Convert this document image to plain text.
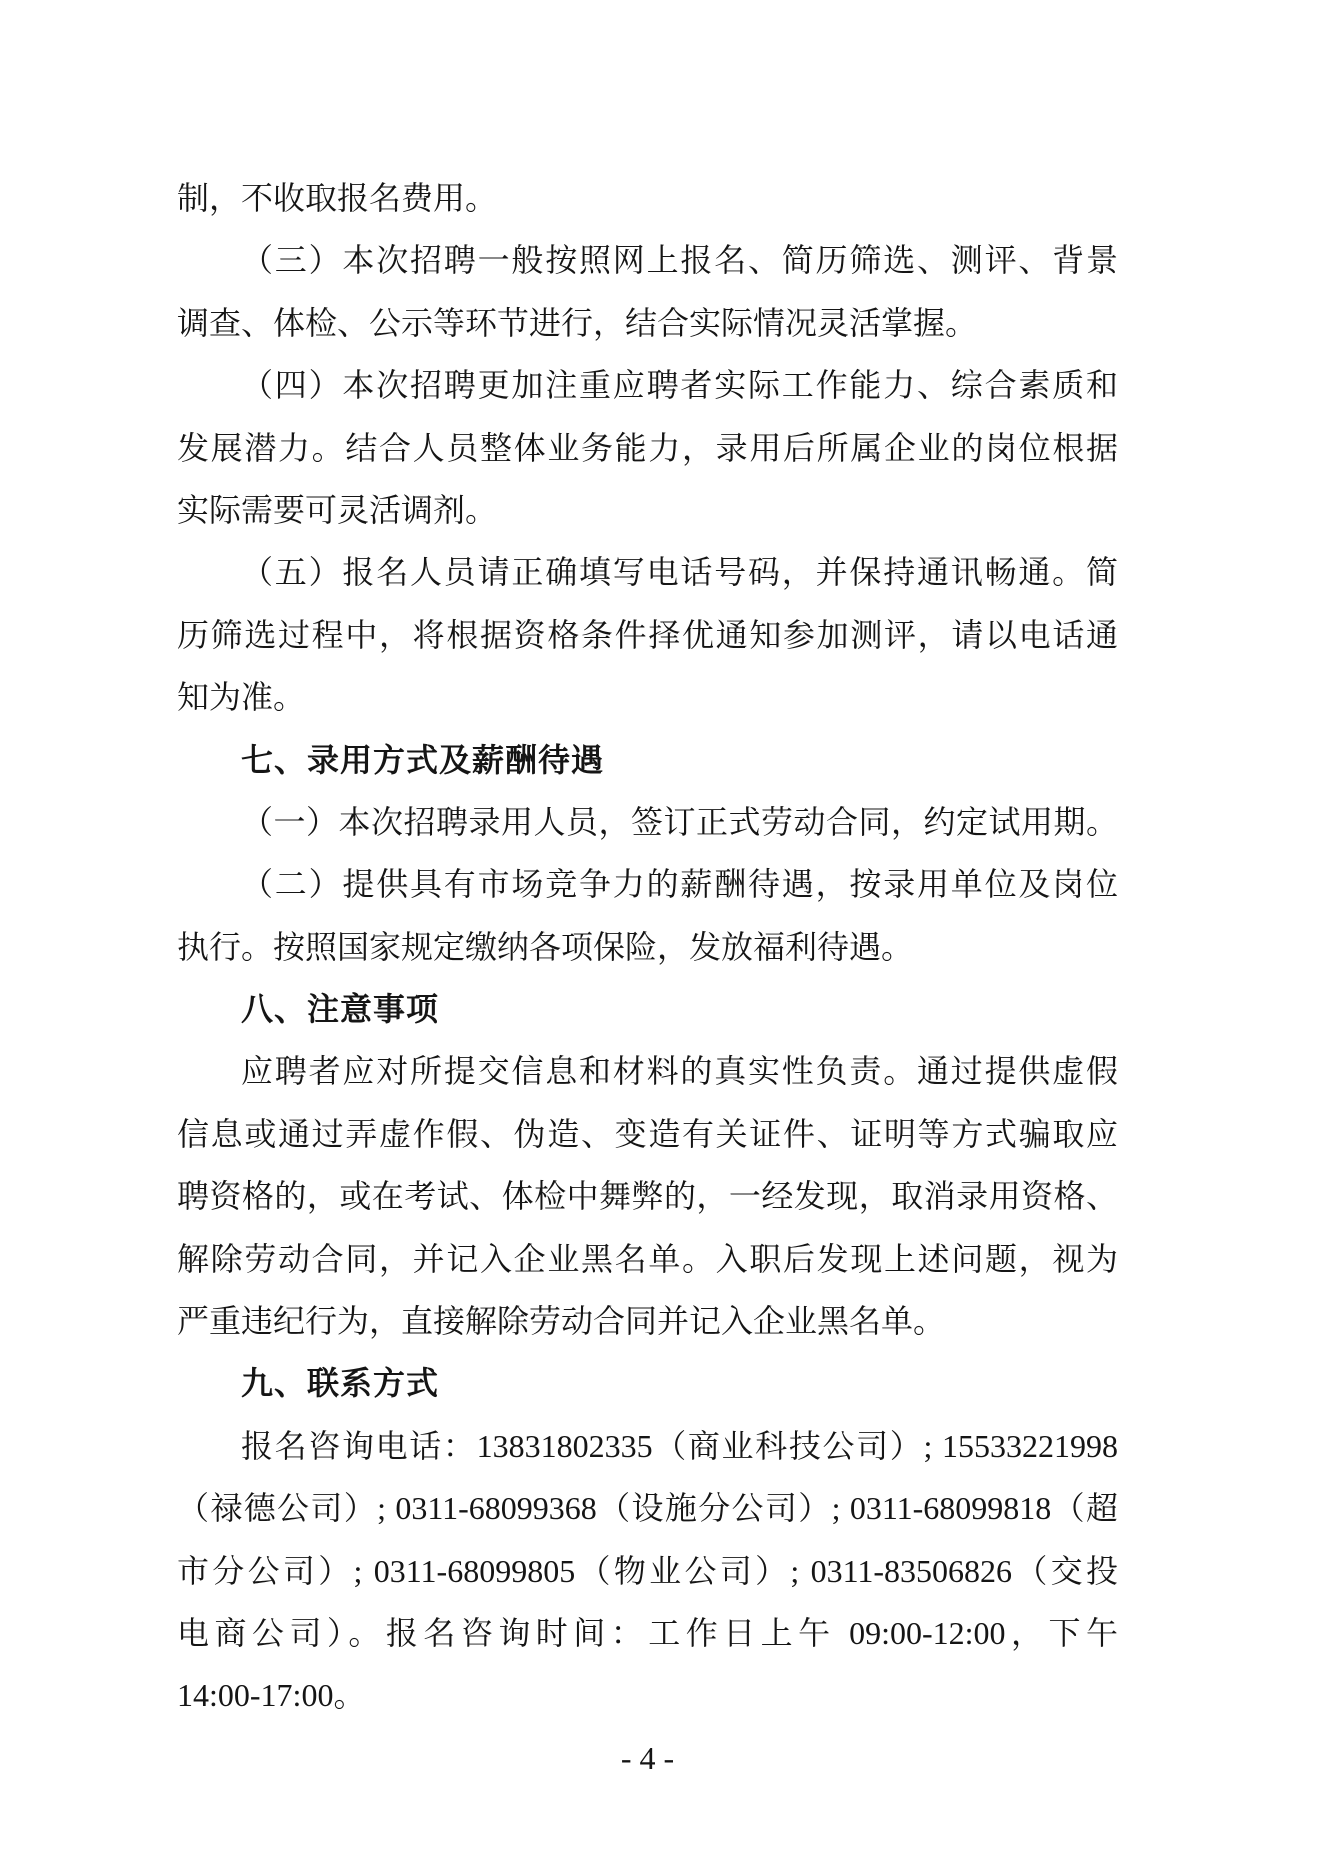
制，不收取报名费用。
（三）本次招聘一般按照网上报名、简历筛选、测评、背景
调查、体检、公示等环节进行，结合实际情况灵活掌握。
（四）本次招聘更加注重应聘者实际工作能力、综合素质和
发展潜力。结合人员整体业务能力，录用后所属企业的岗位根据
实际需要可灵活调剂。
（五）报名人员请正确填写电话号码，并保持通讯畅通。简
历筛选过程中，将根据资格条件择优通知参加测评，请以电话通
知为准。
七、录用方式及薪酬待遇
（一）本次招聘录用人员，签订正式劳动合同，约定试用期。
（二）提供具有市场竞争力的薪酬待遇，按录用单位及岗位
执行。按照国家规定缴纳各项保险，发放福利待遇。
八、注意事项
应聘者应对所提交信息和材料的真实性负责。通过提供虚假
信息或通过弄虚作假、伪造、变造有关证件、证明等方式骗取应
聘资格的，或在考试、体检中舞弊的，一经发现，取消录用资格、
解除劳动合同，并记入企业黑名单。入职后发现上述问题，视为
严重违纪行为，直接解除劳动合同并记入企业黑名单。
九、联系方式
报名咨询电话：13831802335（商业科技公司）; 15533221998
（禄德公司）; 0311-68099368（设施分公司）; 0311-68099818（超
市分公司）; 0311-68099805（物业公司）; 0311-83506826（交投
电商公司）。报名咨询时间：工作日上午 09:00-12:00，下午
14:00-17:00。
- 4 -
